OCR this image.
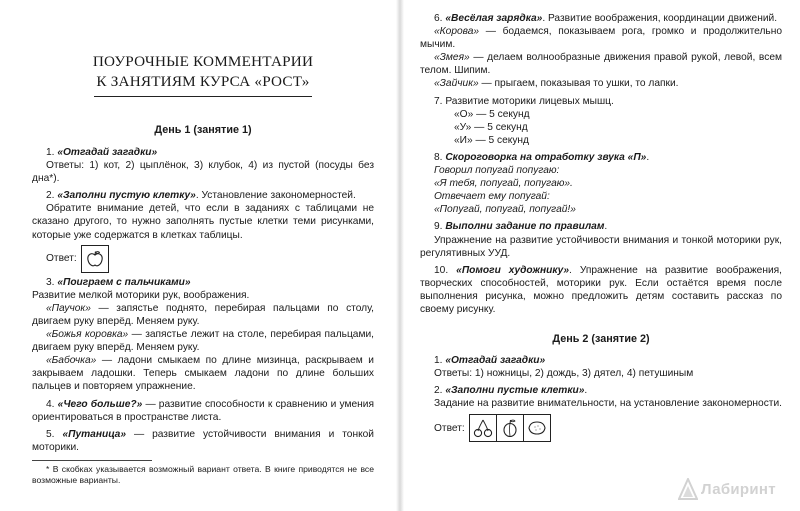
ПОУРОЧНЫЕ КОММЕНТАРИИ
К ЗАНЯТИЯМ КУРСА «РОСТ»
День 1 (занятие 1)

1. «Отгадай загадки»

Ответы: 1) кот, 2) цыплёнок, 3) клубок, 4) из пустой (посуды без дна*).

2. «Заполни пустую клетку». Установление закономерностей.

Обратите внимание детей, что если в заданиях с таблицами не сказано другого, то нужно заполнять пустые клетки теми рисунками, которые уже содержатся в клетках таблицы.

Ответ:

3. «Поиграем с пальчиками»

Развитие мелкой моторики рук, воображения.

«Паучок» — запястье поднято, перебирая пальцами по столу, двигаем руку вперёд. Меняем руку.

«Божья коровка» — запястье лежит на столе, перебирая пальцами, двигаем руку вперёд. Меняем руку.

«Бабочка» — ладони смыкаем по длине мизинца, раскрываем и закрываем ладошки. Теперь смыкаем ладони по длине больших пальцев и повторяем упражнение.

4. «Чего больше?» — развитие способности к сравнению и умения ориентироваться в пространстве листа.

5. «Путаница» — развитие устойчивости внимания и тонкой моторики.

* В скобках указывается возможный вариант ответа. В книге приводятся не все возможные варианты.

6. «Весёлая зарядка». Развитие воображения, координации движений.

«Корова» — бодаемся, показываем рога, громко и продолжительно мычим.

«Змея» — делаем волнообразные движения правой рукой, левой, всем телом. Шипим.

«Зайчик» — прыгаем, показывая то ушки, то лапки.

7. Развитие моторики лицевых мышц.

«О» — 5 секунд

«У» — 5 секунд

«И» — 5 секунд

8. Скороговорка на отработку звука «П».

Говорил попугай попугаю:

«Я тебя, попугай, попугаю».

Отвечает ему попугай:

«Попугай, попугай, попугай!»

9. Выполни задание по правилам.

Упражнение на развитие устойчивости внимания и тонкой моторики рук, регулятивных УУД.

10. «Помоги художнику». Упражнение на развитие воображения, творческих способностей, моторики рук. Если остаётся время после выполнения рисунка, можно предложить детям составить рассказ по своему рисунку.

День 2 (занятие 2)

1. «Отгадай загадки»

Ответы: 1) ножницы, 2) дождь, 3) дятел, 4) петушиным

2. «Заполни пустые клетки».

Задание на развитие внимательности, на установление закономерности.

Ответ:
Лабиринт
